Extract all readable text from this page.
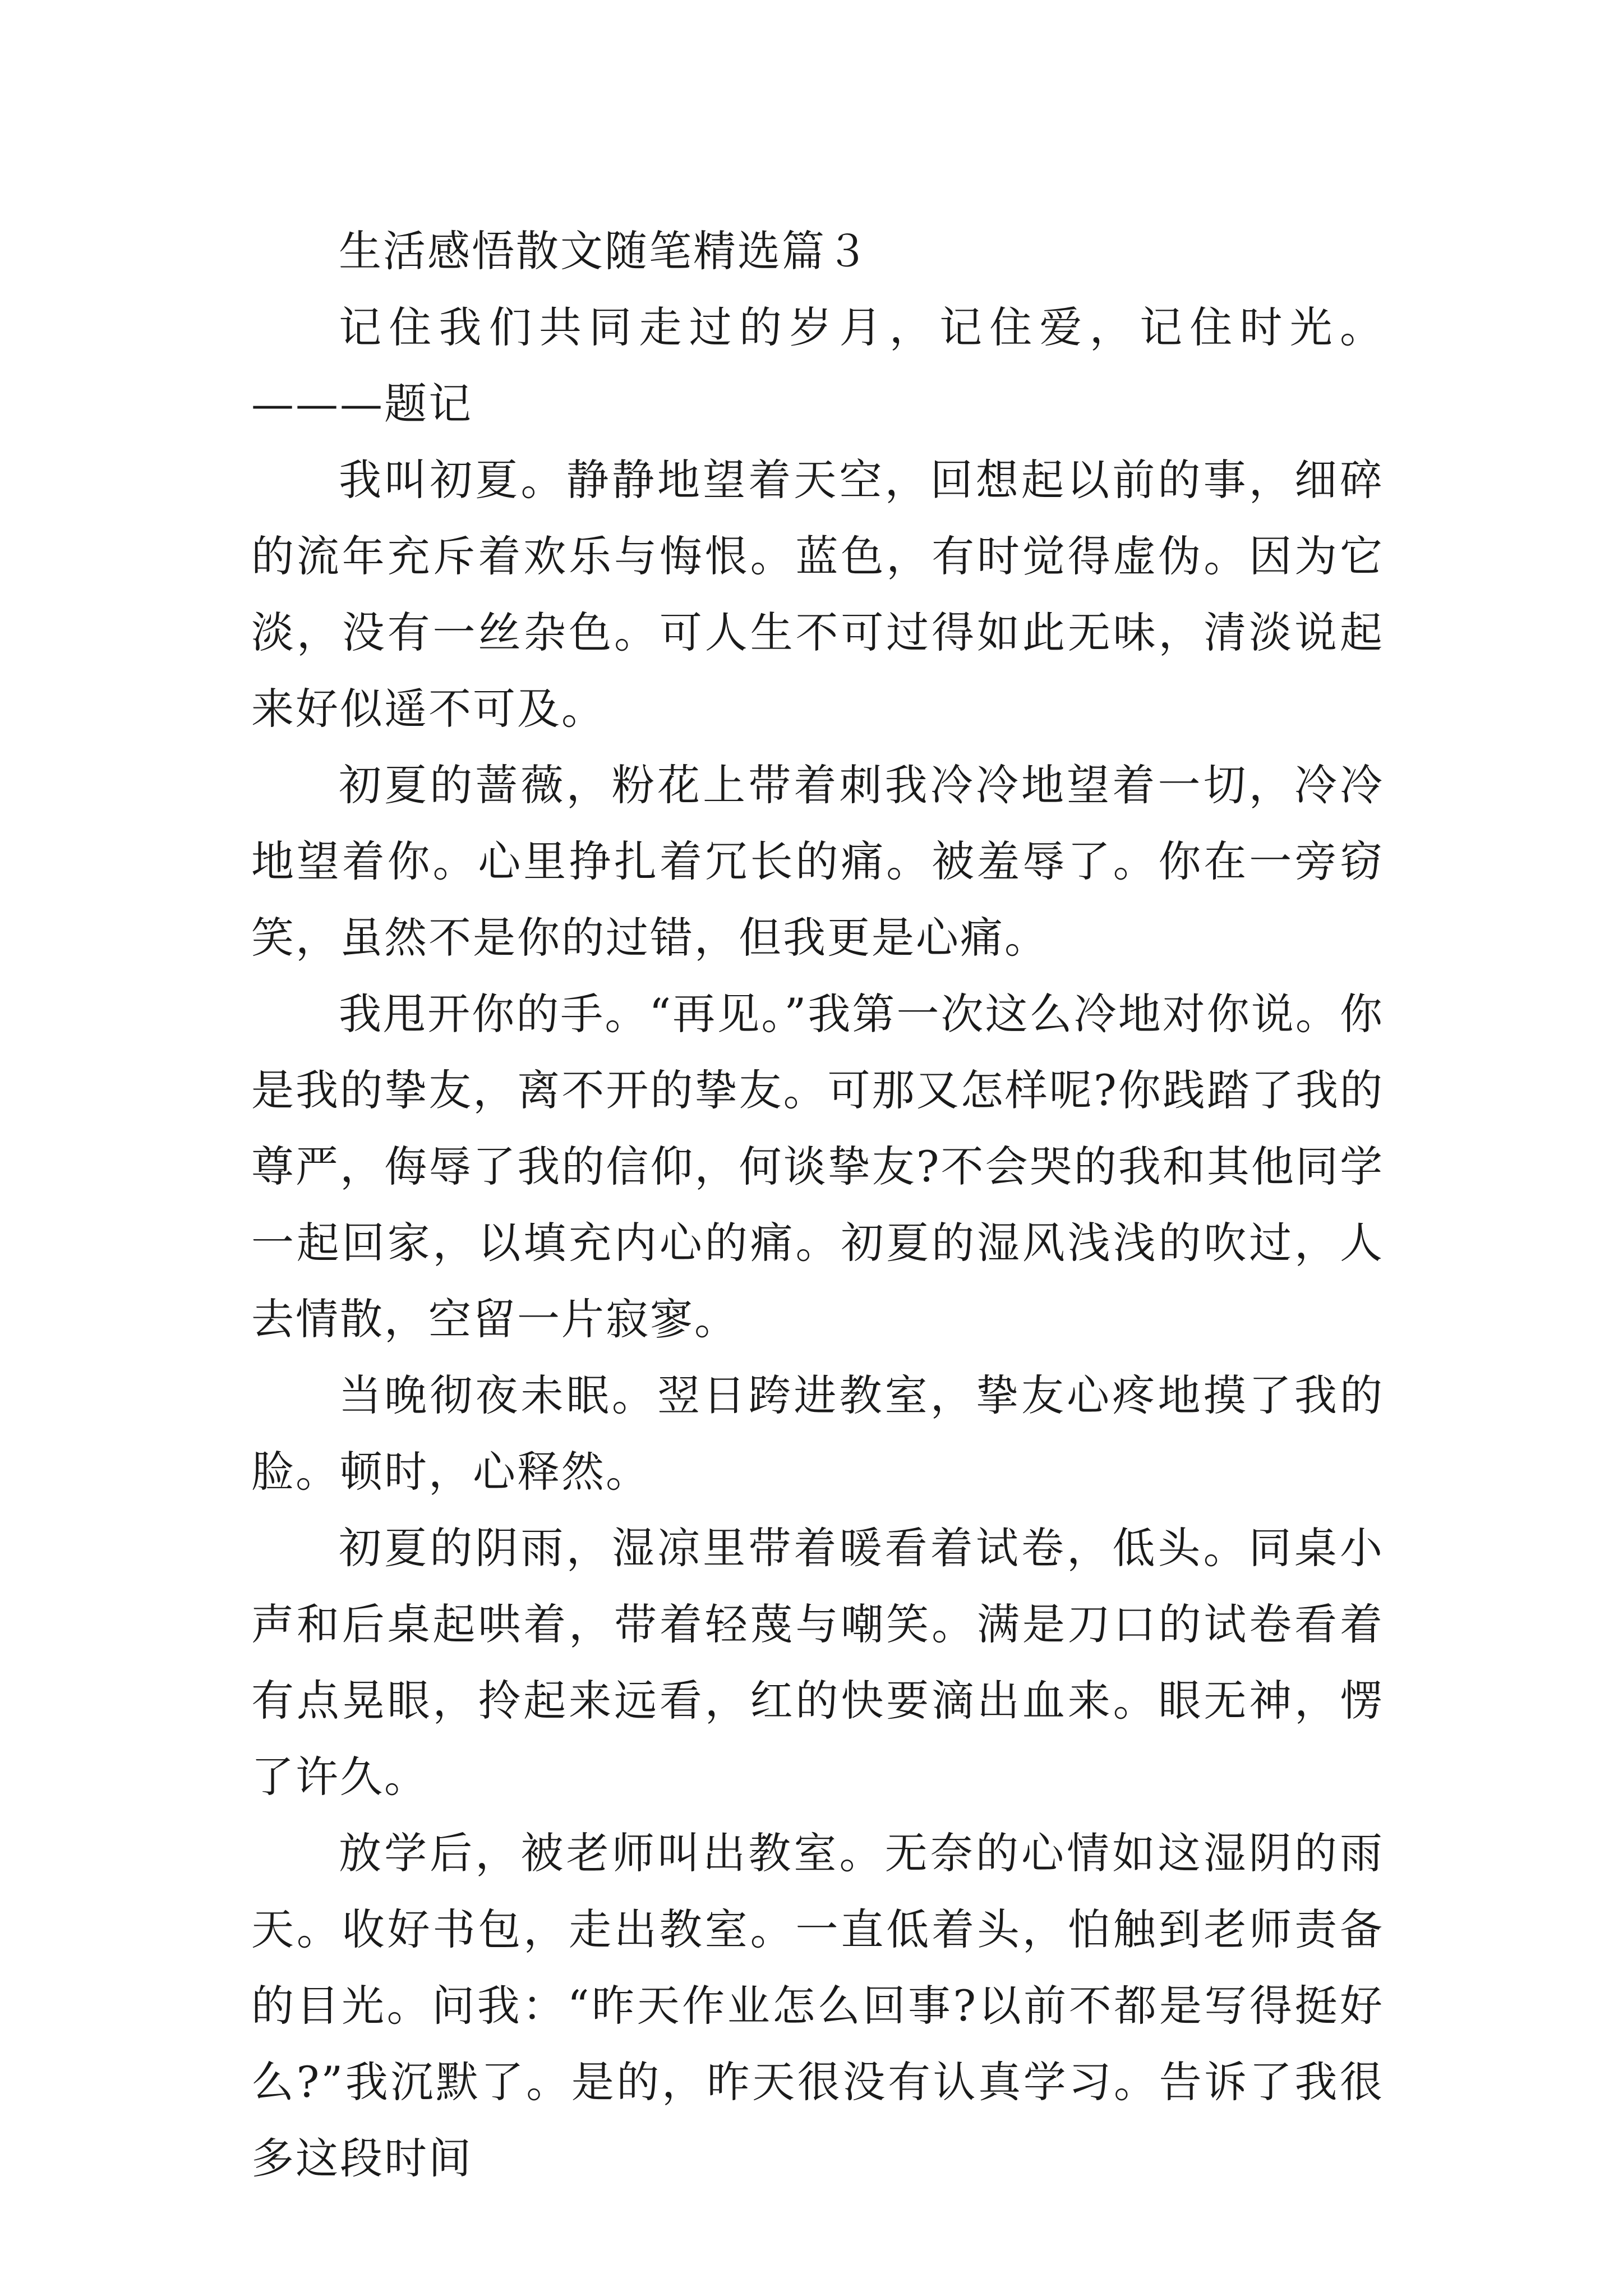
生活感悟散文随笔精选篇３

记住我们共同走过的岁月，记住爱，记住时光。———题记

我叫初夏。静静地望着天空，回想起以前的事，细碎的流年充斥着欢乐与悔恨。蓝色，有时觉得虚伪。因为它淡，没有一丝杂色。可人生不可过得如此无味，清淡说起来好似遥不可及。

初夏的蔷薇，粉花上带着刺我冷冷地望着一切，冷冷地望着你。心里挣扎着冗长的痛。被羞辱了。你在一旁窃笑，虽然不是你的过错，但我更是心痛。

我甩开你的手。“再见。”我第一次这么冷地对你说。你是我的挚友，离不开的挚友。可那又怎样呢?你践踏了我的尊严，侮辱了我的信仰，何谈挚友?不会哭的我和其他同学一起回家，以填充内心的痛。初夏的湿风浅浅的吹过，人去情散，空留一片寂寥。

当晚彻夜未眠。翌日跨进教室，挚友心疼地摸了我的脸。顿时，心释然。

初夏的阴雨，湿凉里带着暖看着试卷，低头。同桌小声和后桌起哄着，带着轻蔑与嘲笑。满是刀口的试卷看着有点晃眼，拎起来远看，红的快要滴出血来。眼无神，愣了许久。

放学后，被老师叫出教室。无奈的心情如这湿阴的雨天。收好书包，走出教室。一直低着头，怕触到老师责备的目光。问我：“昨天作业怎么回事?以前不都是写得挺好么?”我沉默了。是的，昨天很没有认真学习。告诉了我很多这段时间
